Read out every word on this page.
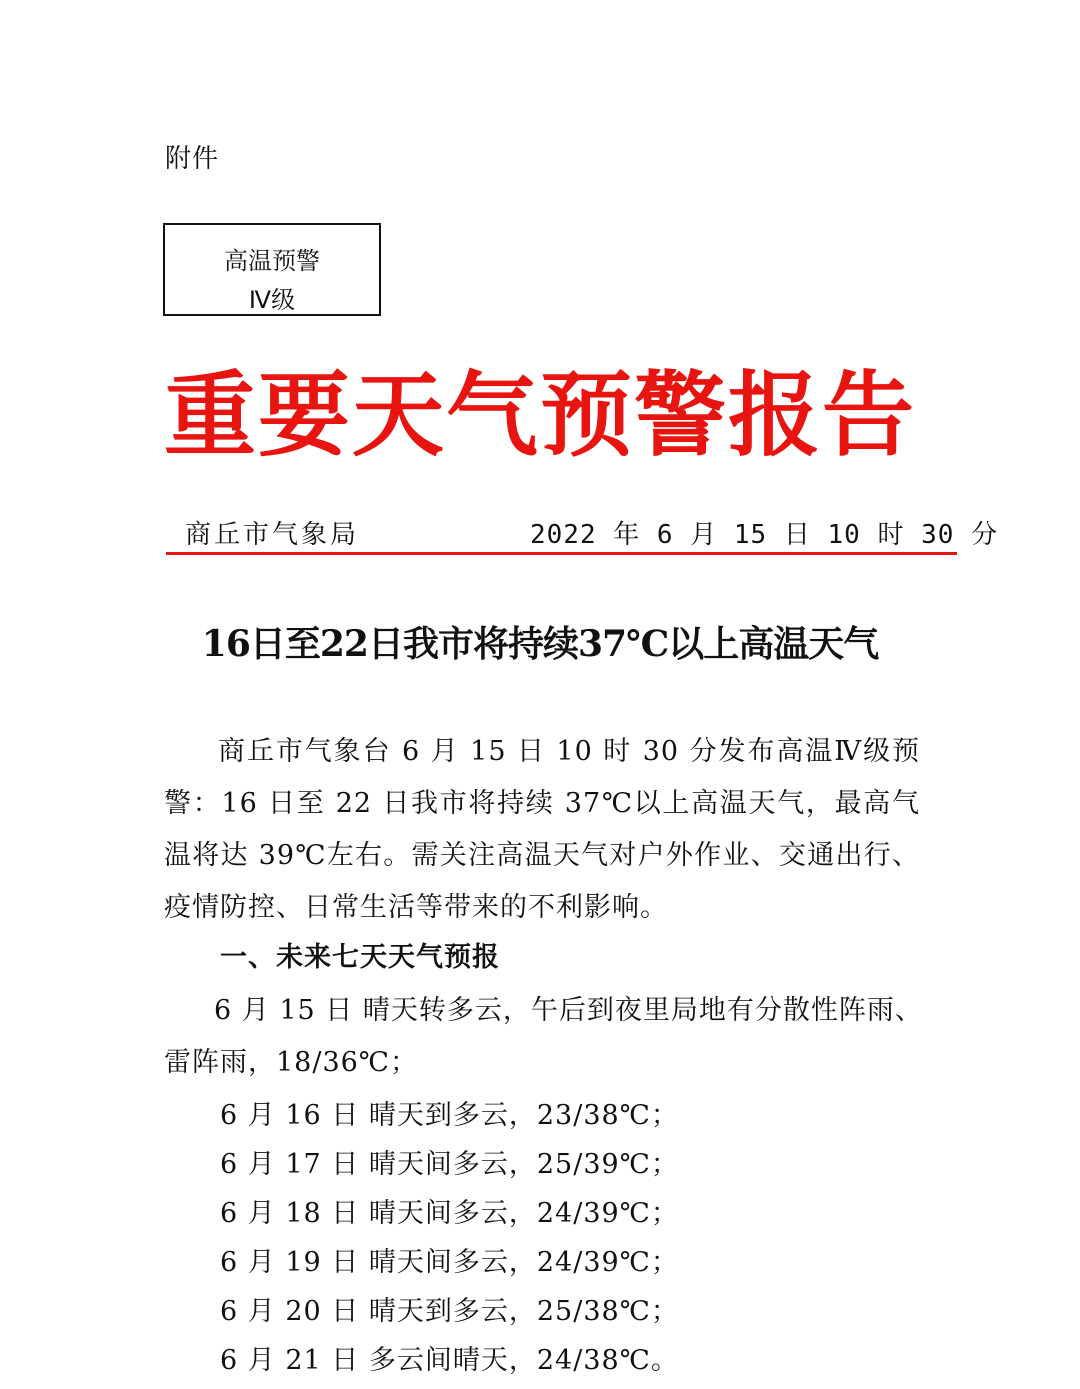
附件
高温预警
Ⅳ级
重要天气预警报告
商丘市气象局	2022 年 6 月 15 日 10 时 30 分
16日至22日我市将持续37℃以上高温天气

商丘市气象台 6 月 15 日 10 时 30 分发布高温Ⅳ级预警：16 日至 22 日我市将持续 37℃以上高温天气，最高气温将达 39℃左右。需关注高温天气对户外作业、交通出行、疫情防控、日常生活等带来的不利影响。

一、未来七天天气预报

6 月 15 日 晴天转多云，午后到夜里局地有分散性阵雨、雷阵雨，18/36℃；

6 月 16 日 晴天到多云，23/38℃；
6 月 17 日 晴天间多云，25/39℃；
6 月 18 日 晴天间多云，24/39℃；
6 月 19 日 晴天间多云，24/39℃；
6 月 20 日 晴天到多云，25/38℃；
6 月 21 日 多云间晴天，24/38℃。
